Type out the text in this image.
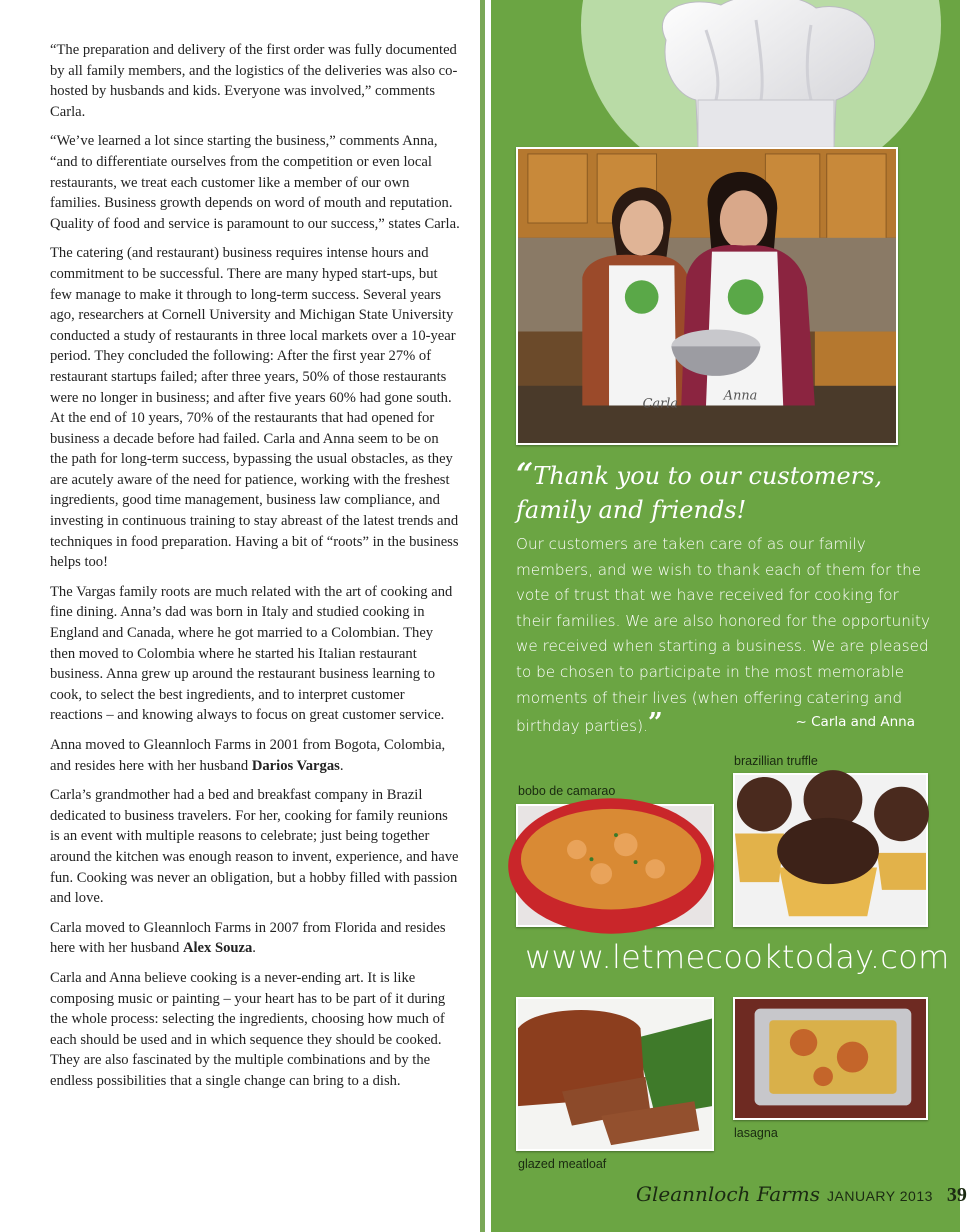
“The preparation and delivery of the first order was fully documented by all family members, and the logistics of the deliveries was also co-hosted by husbands and kids. Everyone was involved,” comments Carla.

“We’ve learned a lot since starting the business,” comments Anna, “and to differentiate ourselves from the competition or even local restaurants, we treat each customer like a member of our own families. Business growth depends on word of mouth and reputation. Quality of food and service is paramount to our success,” states Carla.

The catering (and restaurant) business requires intense hours and commitment to be successful. There are many hyped start-ups, but few manage to make it through to long-term success. Several years ago, researchers at Cornell University and Michigan State University conducted a study of restaurants in three local markets over a 10-year period. They concluded the following: After the first year 27% of restaurant startups failed; after three years, 50% of those restaurants were no longer in business; and after five years 60% had gone south. At the end of 10 years, 70% of the restaurants that had opened for business a decade before had failed. Carla and Anna seem to be on the path for long-term success, bypassing the usual obstacles, as they are acutely aware of the need for patience, working with the freshest ingredients, good time management, business law compliance, and investing in continuous training to stay abreast of the latest trends and techniques in food preparation. Having a bit of “roots” in the business helps too!

The Vargas family roots are much related with the art of cooking and fine dining. Anna’s dad was born in Italy and studied cooking in England and Canada, where he got married to a Colombian. They then moved to Colombia where he started his Italian restaurant business. Anna grew up around the restaurant business learning to cook, to select the best ingredients, and to interpret customer reactions – and knowing always to focus on great customer service.

Anna moved to Gleannloch Farms in 2001 from Bogota, Colombia, and resides here with her husband Darios Vargas.

Carla’s grandmother had a bed and breakfast company in Brazil dedicated to business travelers. For her, cooking for family reunions is an event with multiple reasons to celebrate; just being together around the kitchen was enough reason to invent, experience, and have fun. Cooking was never an obligation, but a hobby filled with passion and love.

Carla moved to Gleannloch Farms in 2007 from Florida and resides here with her husband Alex Souza.

Carla and Anna believe cooking is a never-ending art. It is like composing music or painting – your heart has to be part of it during the whole process: selecting the ingredients, choosing how much of each should be used and in which sequence they should be cooked. They are also fascinated by the multiple combinations and by the endless possibilities that a single change can bring to a dish.

Carla
Anna
“Thank you to our customers, family and friends!
Our customers are taken care of as our family members, and we wish to thank each of them for the vote of trust that we have received for cooking for their families. We are also honored for the opportunity we received when starting a business. We are pleased to be chosen to participate in the most memorable moments of their lives (when offering catering and birthday parties).”	~ Carla and Anna
brazillian truffle
bobo de camarao
www.letmecooktoday.com
lasagna
glazed meatloaf
Gleannloch Farms JANUARY 2013 39
